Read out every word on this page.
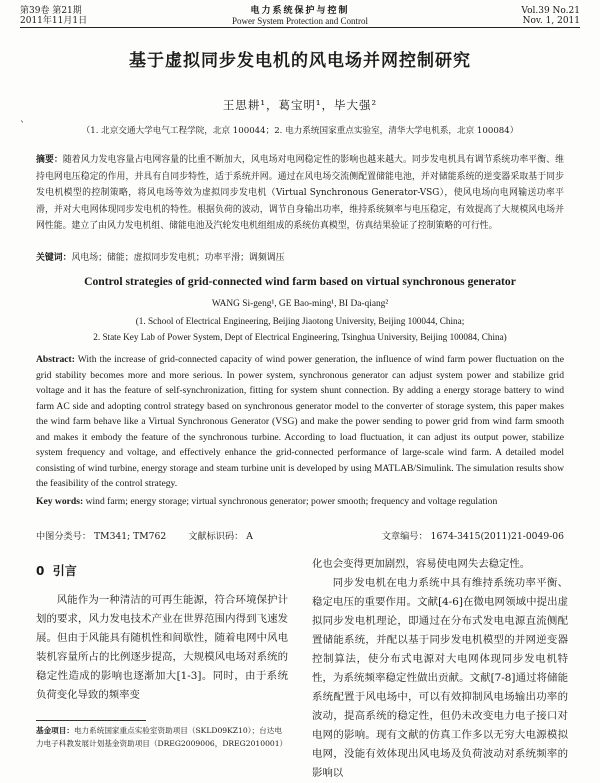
第39卷 第21期	电力系统保护与控制	Vol.39 No.21
2011年11月1日	Power System Protection and Control	Nov. 1, 2011
基于虚拟同步发电机的风电场并网控制研究
王思耕¹，葛宝明¹，毕大强²
`	（1. 北京交通大学电气工程学院，北京 100044；2. 电力系统国家重点实验室，清华大学电机系，北京 100084）
摘要：随着风力发电容量占电网容量的比重不断加大，风电场对电网稳定性的影响也越来越大。同步发电机具有调节系统功率平衡、维持电网电压稳定的作用，并具有自同步特性，适于系统并网。通过在风电场交流侧配置储能电池，并对储能系统的逆变器采取基于同步发电机模型的控制策略，将风电场等效为虚拟同步发电机（Virtual Synchronous Generator-VSG），使风电场向电网输送功率平滑，并对大电网体现同步发电机的特性。根据负荷的波动，调节自身输出功率，维持系统频率与电压稳定，有效提高了大规模风电场并网性能。建立了由风力发电机组、储能电池及汽轮发电机组组成的系统仿真模型，仿真结果验证了控制策略的可行性。
关键词：风电场；储能；虚拟同步发电机；功率平滑；调频调压
Control strategies of grid-connected wind farm based on virtual synchronous generator
WANG Si-geng¹, GE Bao-ming¹, BI Da-qiang²
(1. School of Electrical Engineering, Beijing Jiaotong University, Beijing 100044, China;
2. State Key Lab of Power System, Dept of Electrical Engineering, Tsinghua University, Beijing 100084, China)
Abstract: With the increase of grid-connected capacity of wind power generation, the influence of wind farm power fluctuation on the grid stability becomes more and more serious. In power system, synchronous generator can adjust system power and stabilize grid voltage and it has the feature of self-synchronization, fitting for system shunt connection. By adding a energy storage battery to wind farm AC side and adopting control strategy based on synchronous generator model to the converter of storage system, this paper makes the wind farm behave like a Virtual Synchronous Generator (VSG) and make the power sending to power grid from wind farm smooth and makes it embody the feature of the synchronous turbine. According to load fluctuation, it can adjust its output power, stabilize system frequency and voltage, and effectively enhance the grid-connected performance of large-scale wind farm. A detailed model consisting of wind turbine, energy storage and steam turbine unit is developed by using MATLAB/Simulink. The simulation results show the feasibility of the control strategy.
Key words: wind farm; energy storage; virtual synchronous generator; power smooth; frequency and voltage regulation
中图分类号： TM341; TM762 文献标识码： A	文章编号： 1674-3415(2011)21-0049-06
0 引言

风能作为一种清洁的可再生能源，符合环境保护计划的要求，风力发电技术产业在世界范围内得到飞速发展。但由于风能具有随机性和间歇性，随着电网中风电装机容量所占的比例逐步提高，大规模风电场对系统的稳定性造成的影响也逐渐加大[1-3]。同时，由于系统负荷变化导致的频率变

化也会变得更加剧烈，容易使电网失去稳定性。

同步发电机在电力系统中具有维持系统功率平衡、稳定电压的重要作用。文献[4-6]在微电网领域中提出虚拟同步发电机理论，即通过在分布式发电电源直流侧配置储能系统，并配以基于同步发电机模型的并网逆变器控制算法，使分布式电源对大电网体现同步发电机特性，为系统频率稳定性做出贡献。文献[7-8]通过将储能系统配置于风电场中，可以有效抑制风电场输出功率的波动，提高系统的稳定性，但仍未改变电力电子接口对电网的影响。现有文献的仿真工作多以无穷大电源模拟电网，没能有效体现出风电场及负荷波动对系统频率的影响以

基金项目：电力系统国家重点实验室资助项目（SKLD09KZ10）；台达电力电子科教发展计划基金资助项目（DREG2009006，DREG2010001）
